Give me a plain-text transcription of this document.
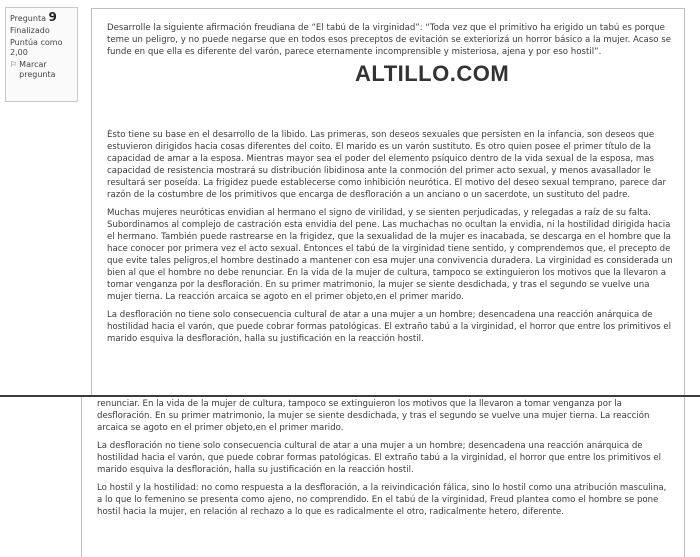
Pregunta 9
Finalizado
Puntúa como
2,00
⚐ Marcar pregunta

Desarrolle la siguiente afirmación freudiana de “El tabú de la virginidad”: “Toda vez que el primitivo ha erigido un tabú es porque teme un peligro, y no puede negarse que en todos esos preceptos de evitación se exteriorizá un horror básico a la mujer. Acaso se funde en que ella es diferente del varón, parece eternamente incomprensible y misteriosa, ajena y por eso hostil”.

ALTILLO.COM

Ésto tiene su base en el desarrollo de la libido. Las primeras, son deseos sexuales que persisten en la infancia, son deseos que estuvieron dirigidos hacia cosas diferentes del coito. El marido es un varón sustituto. Es otro quien posee el primer título de la capacidad de amar a la esposa. Mientras mayor sea el poder del elemento psíquico dentro de la vida sexual de la esposa, mas capacidad de resistencia mostrará su distribución libidinosa ante la conmoción del primer acto sexual, y menos avasallador le resultará ser poseída. La frigidez puede establecerse como inhibición neurótica. El motivo del deseo sexual temprano, parece dar razón de la costumbre de los primitivos que encarga de desfloración a un anciano o un sacerdote, un sustituto del padre.

Muchas mujeres neuróticas envidian al hermano el signo de virilidad, y se sienten perjudicadas, y relegadas a raíz de su falta. Subordinamos al complejo de castración esta envidia del pene. Las muchachas no ocultan la envidia, ni la hostilidad dirigida hacia el hermano. También puede rastrearse en la frigidez, que la sexualidad de la mujer es inacabada, se descarga en el hombre que la hace conocer por primera vez el acto sexual. Entonces el tabú de la virginidad tiene sentido, y comprendemos que, el precepto de que evite tales peligros,el hombre destinado a mantener con esa mujer una convivencia duradera. La virginidad es considerada un bien al que el hombre no debe renunciar. En la vida de la mujer de cultura, tampoco se extinguieron los motivos que la llevaron a tomar venganza por la desfloración. En su primer matrimonio, la mujer se siente desdichada, y tras el segundo se vuelve una mujer tierna. La reacción arcaica se agoto en el primer objeto,en el primer marido.

La desfloración no tiene solo consecuencia cultural de atar a una mujer a un hombre; desencadena una reacción anárquica de hostilidad hacia el varón, que puede cobrar formas patológicas. El extraño tabú a la virginidad, el horror que entre los primitivos el marido esquiva la desfloración, halla su justificación en la reacción hostil.

renunciar. En la vida de la mujer de cultura, tampoco se extinguieron los motivos que la llevaron a tomar venganza por la desfloración. En su primer matrimonio, la mujer se siente desdichada, y tras el segundo se vuelve una mujer tierna. La reacción arcaica se agoto en el primer objeto,en el primer marido.

La desfloración no tiene solo consecuencia cultural de atar a una mujer a un hombre; desencadena una reacción anárquica de hostilidad hacia el varón, que puede cobrar formas patológicas. El extraño tabú a la virginidad, el horror que entre los primitivos el marido esquiva la desfloración, halla su justificación en la reacción hostil.

Lo hostil y la hostilidad: no como respuesta a la desfloración, a la reivindicación fálica, sino lo hostil como una atribución masculina, a lo que lo femenino se presenta como ajeno, no comprendido. En el tabú de la virginidad, Freud plantea como el hombre se pone hostil hacia la mujer, en relación al rechazo a lo que es radicalmente el otro, radicalmente hetero, diferente.
